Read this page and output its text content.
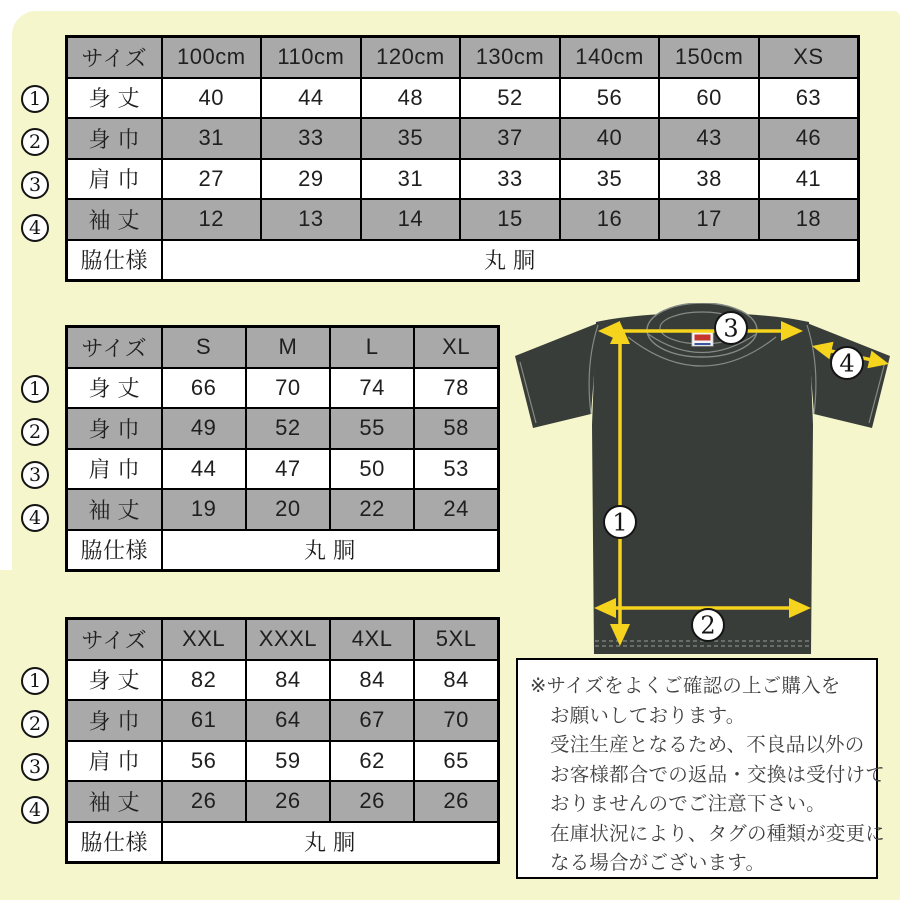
1
2
3
4
サイズ	100cm	110cm	120cm	130cm	140cm	150cm	XS
身 丈	40	44	48	52	56	60	63
身 巾	31	33	35	37	40	43	46
肩 巾	27	29	31	33	35	38	41
袖 丈	12	13	14	15	16	17	18
脇仕様	丸 胴						
1
2
3
4
サイズ	S	M	L	XL
身 丈	66	70	74	78
身 巾	49	52	55	58
肩 巾	44	47	50	53
袖 丈	19	20	22	24
脇仕様	丸 胴			
1
2
3
4
サイズ	XXL	XXXL	4XL	5XL
身 丈	82	84	84	84
身 巾	61	64	67	70
肩 巾	56	59	62	65
袖 丈	26	26	26	26
脇仕様	丸 胴			
1
2
3
4

※サイズをよくご確認の上ご購入を

お願いしております。

受注生産となるため、不良品以外の

お客様都合での返品・交換は受付けて

おりませんのでご注意下さい。

在庫状況により、タグの種類が変更に

なる場合がございます。
